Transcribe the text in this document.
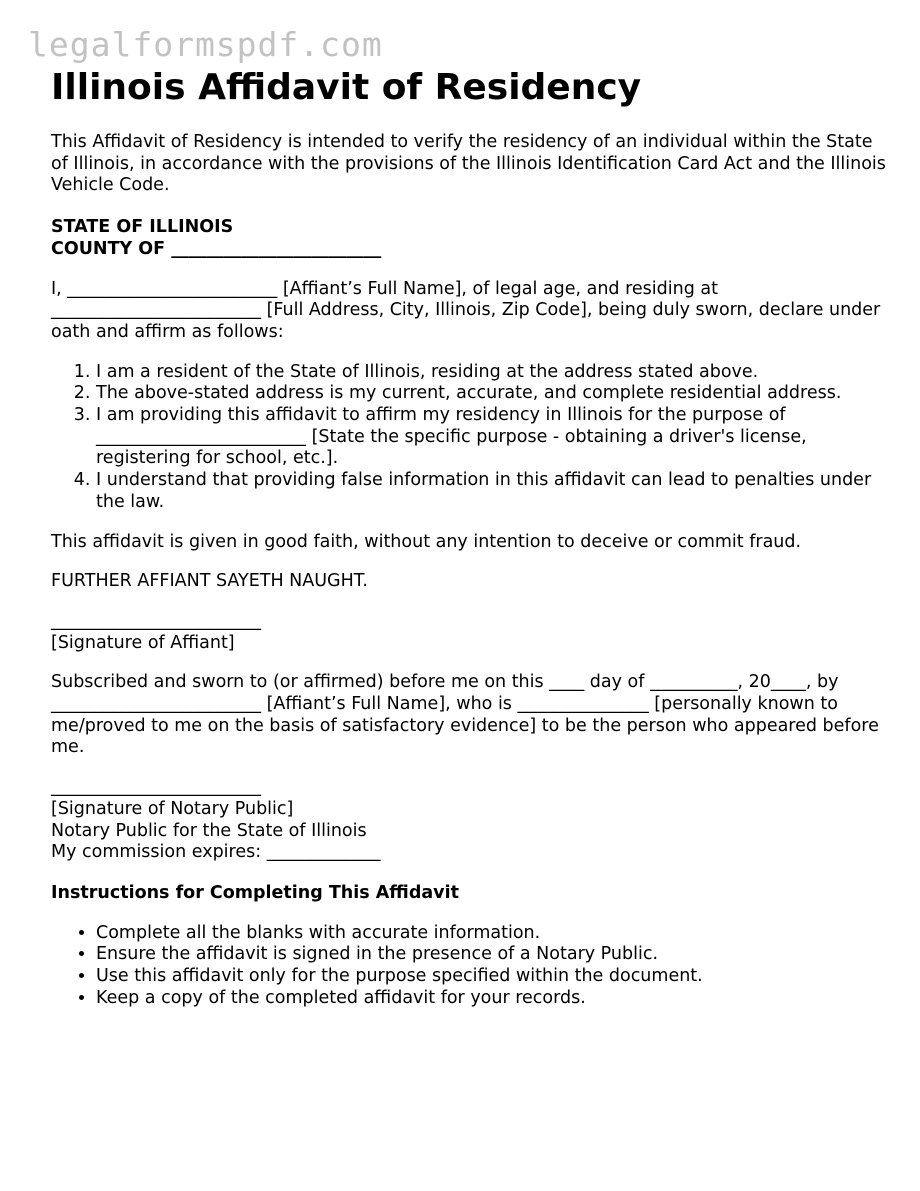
legalformspdf.com
Illinois Affidavit of Residency

This Affidavit of Residency is intended to verify the residency of an individual within the State of Illinois, in accordance with the provisions of the Illinois Identification Card Act and the Illinois Vehicle Code.

STATE OF ILLINOIS
COUNTY OF ________________________

I, ________________________ [Affiant’s Full Name], of legal age, and residing at ________________________ [Full Address, City, Illinois, Zip Code], being duly sworn, declare under oath and affirm as follows:

1. I am a resident of the State of Illinois, residing at the address stated above.
2. The above-stated address is my current, accurate, and complete residential address.
3. I am providing this affidavit to affirm my residency in Illinois for the purpose of ________________________ [State the specific purpose - obtaining a driver's license, registering for school, etc.].
4. I understand that providing false information in this affidavit can lead to penalties under the law.

This affidavit is given in good faith, without any intention to deceive or commit fraud.

FURTHER AFFIANT SAYETH NAUGHT.

________________________
[Signature of Affiant]

Subscribed and sworn to (or affirmed) before me on this ____ day of __________, 20____, by ________________________ [Affiant’s Full Name], who is _______________ [personally known to me/proved to me on the basis of satisfactory evidence] to be the person who appeared before me.

________________________
[Signature of Notary Public]
Notary Public for the State of Illinois
My commission expires: _____________

Instructions for Completing This Affidavit

• Complete all the blanks with accurate information.
• Ensure the affidavit is signed in the presence of a Notary Public.
• Use this affidavit only for the purpose specified within the document.
• Keep a copy of the completed affidavit for your records.
